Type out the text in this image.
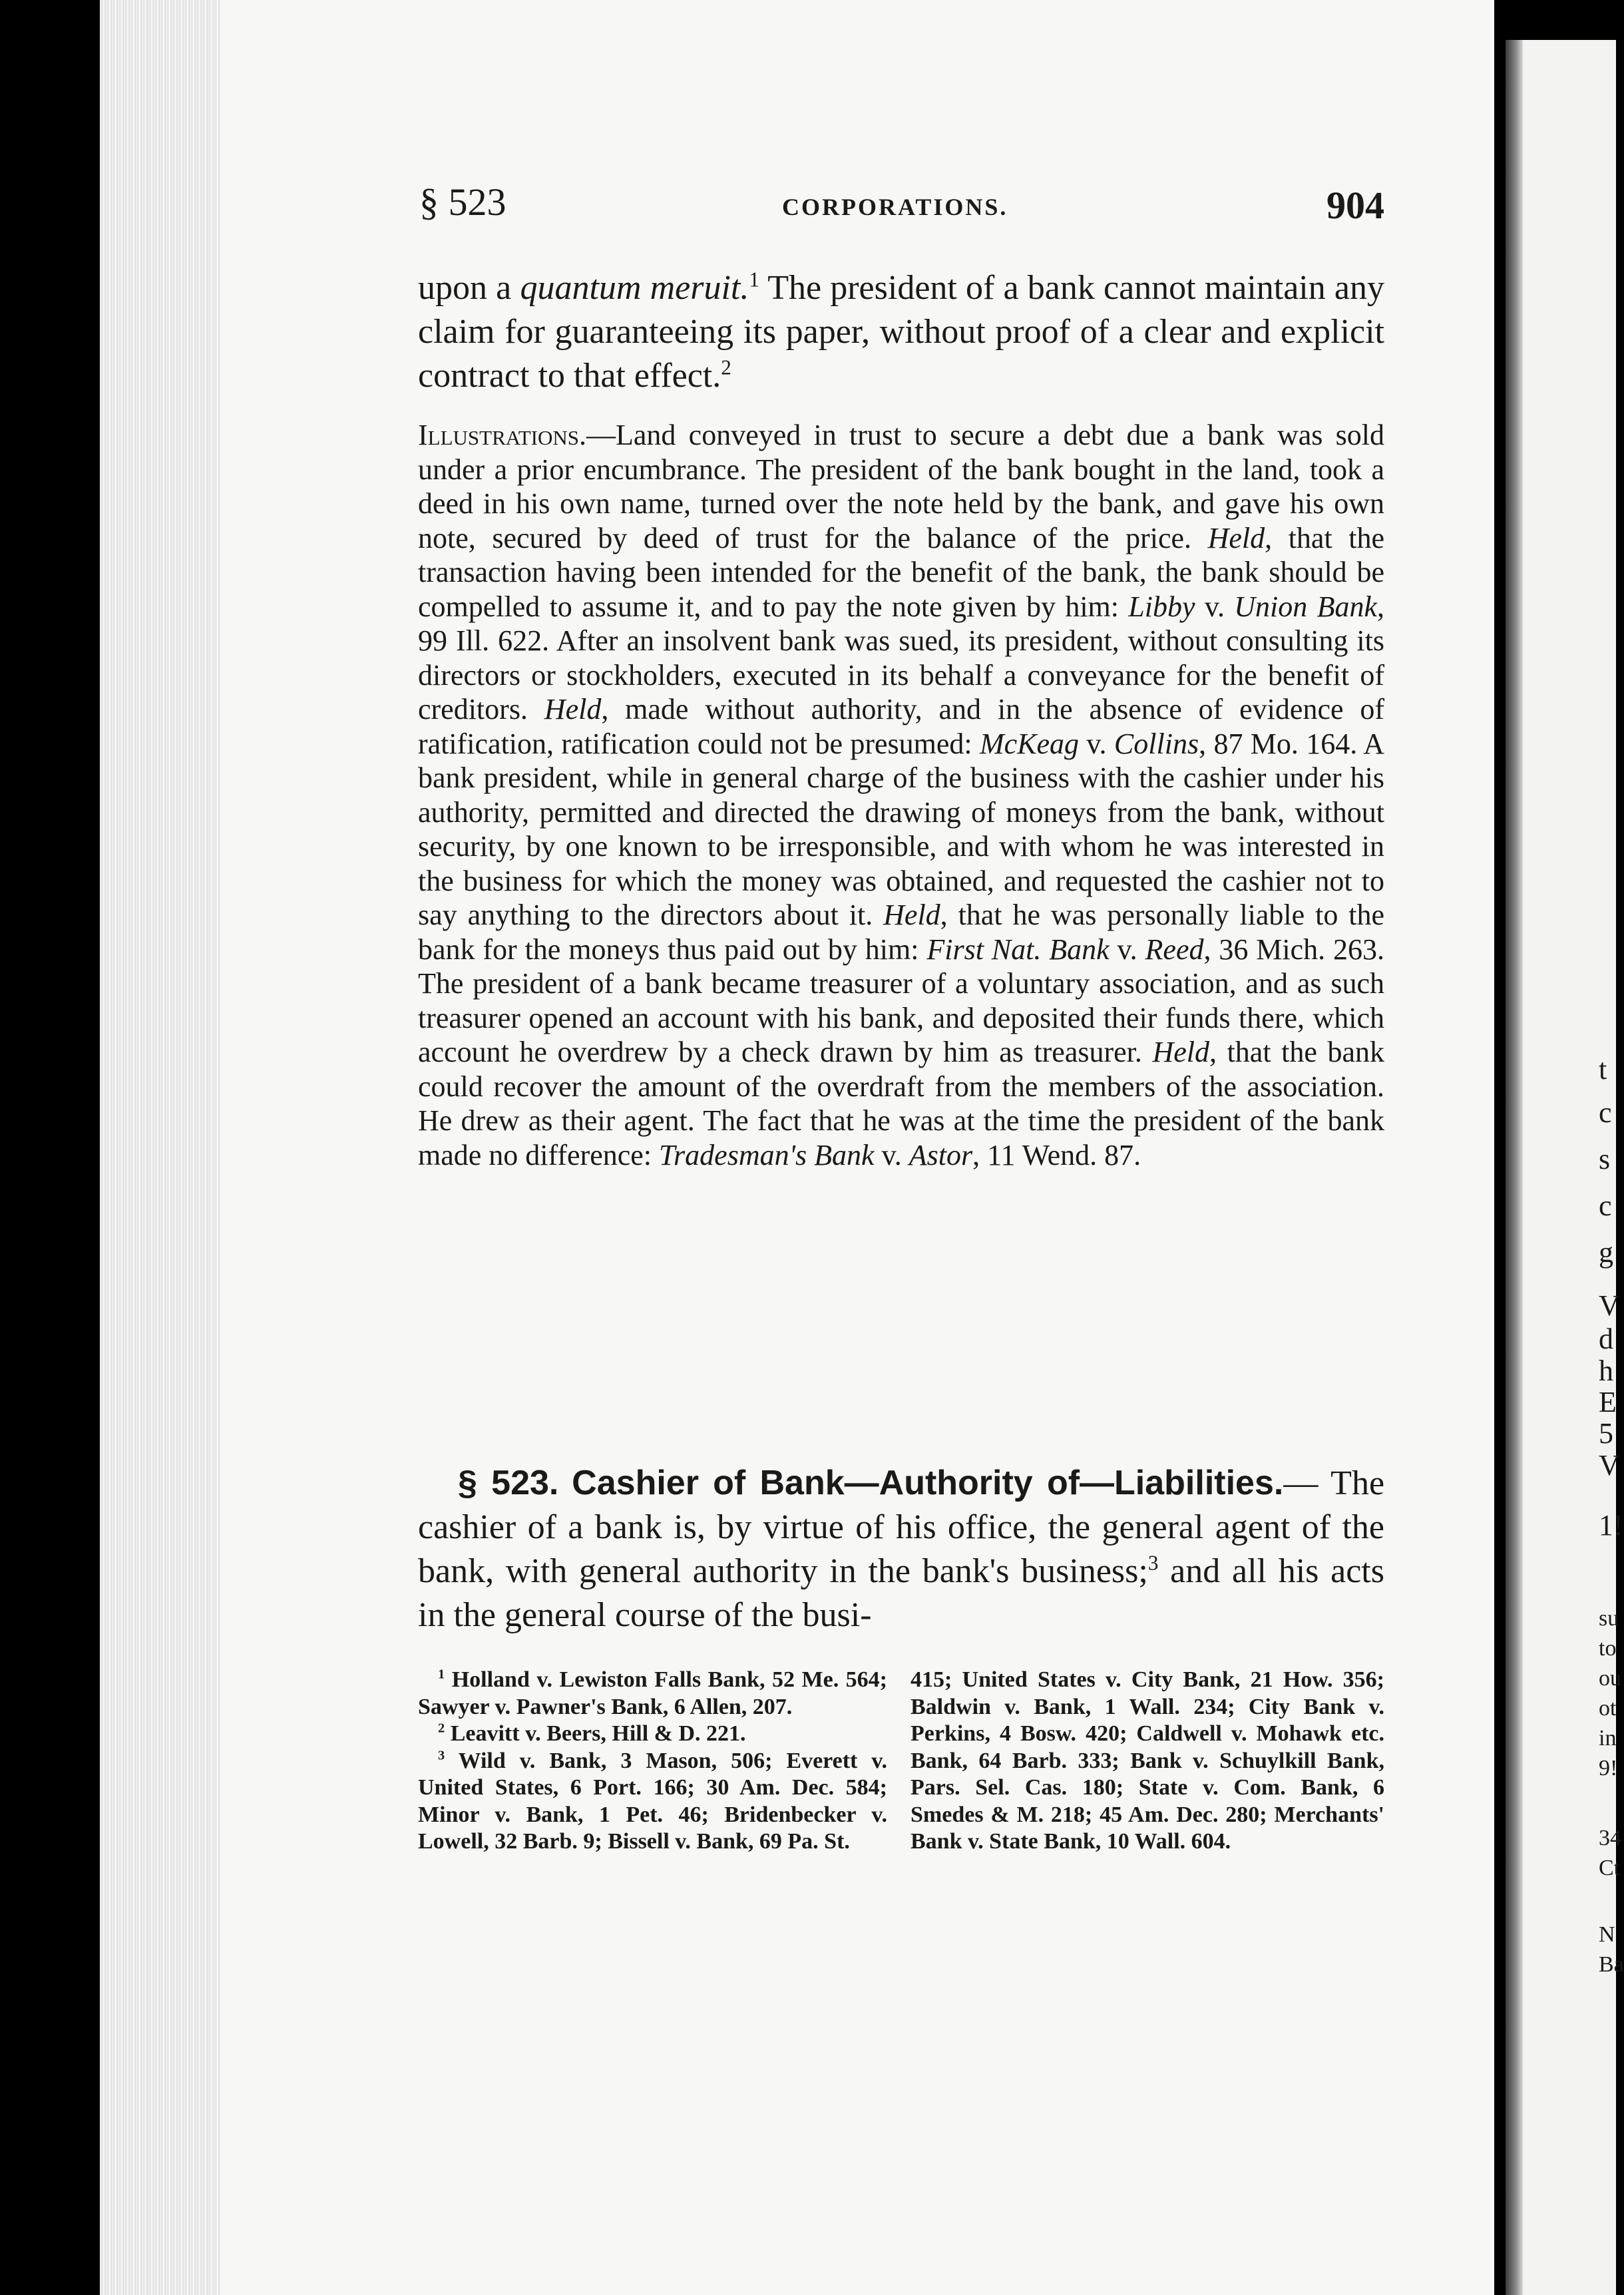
t
c
s
c
g
V
d
h
E
5
V
1!
su
to
ou
ot
in
9!
34
Ct
N
Ba
§ 523	CORPORATIONS.	904
upon a quantum meruit.$^1$ The president of a bank cannot maintain any claim for guaranteeing its paper, without proof of a clear and explicit contract to that effect.$^2$
Illustrations.—Land conveyed in trust to secure a debt due a bank was sold under a prior encumbrance. The president of the bank bought in the land, took a deed in his own name, turned over the note held by the bank, and gave his own note, secured by deed of trust for the balance of the price. Held, that the transaction having been intended for the benefit of the bank, the bank should be compelled to assume it, and to pay the note given by him: Libby v. Union Bank, 99 Ill. 622. After an insolvent bank was sued, its president, without consulting its directors or stockholders, executed in its behalf a conveyance for the benefit of creditors. Held, made without authority, and in the absence of evidence of ratification, ratification could not be presumed: McKeag v. Collins, 87 Mo. 164. A bank president, while in general charge of the business with the cashier under his authority, permitted and directed the drawing of moneys from the bank, without security, by one known to be irresponsible, and with whom he was interested in the business for which the money was obtained, and requested the cashier not to say anything to the directors about it. Held, that he was personally liable to the bank for the moneys thus paid out by him: First Nat. Bank v. Reed, 36 Mich. 263. The president of a bank became treasurer of a voluntary association, and as such treasurer opened an account with his bank, and deposited their funds there, which account he overdrew by a check drawn by him as treasurer. Held, that the bank could recover the amount of the overdraft from the members of the association. He drew as their agent. The fact that he was at the time the president of the bank made no difference: Tradesman's Bank v. Astor, 11 Wend. 87.
§ 523. Cashier of Bank—Authority of—Liabilities.— The cashier of a bank is, by virtue of his office, the general agent of the bank, with general authority in the bank's business;$^3$ and all his acts in the general course of the busi-

$^1$ Holland v. Lewiston Falls Bank, 52 Me. 564; Sawyer v. Pawner's Bank, 6 Allen, 207.

$^2$ Leavitt v. Beers, Hill & D. 221.

$^3$ Wild v. Bank, 3 Mason, 506; Everett v. United States, 6 Port. 166; 30 Am. Dec. 584; Minor v. Bank, 1 Pet. 46; Bridenbecker v. Lowell, 32 Barb. 9; Bissell v. Bank, 69 Pa. St.

415; United States v. City Bank, 21 How. 356; Baldwin v. Bank, 1 Wall. 234; City Bank v. Perkins, 4 Bosw. 420; Caldwell v. Mohawk etc. Bank, 64 Barb. 333; Bank v. Schuylkill Bank, Pars. Sel. Cas. 180; State v. Com. Bank, 6 Smedes & M. 218; 45 Am. Dec. 280; Merchants' Bank v. State Bank, 10 Wall. 604.
